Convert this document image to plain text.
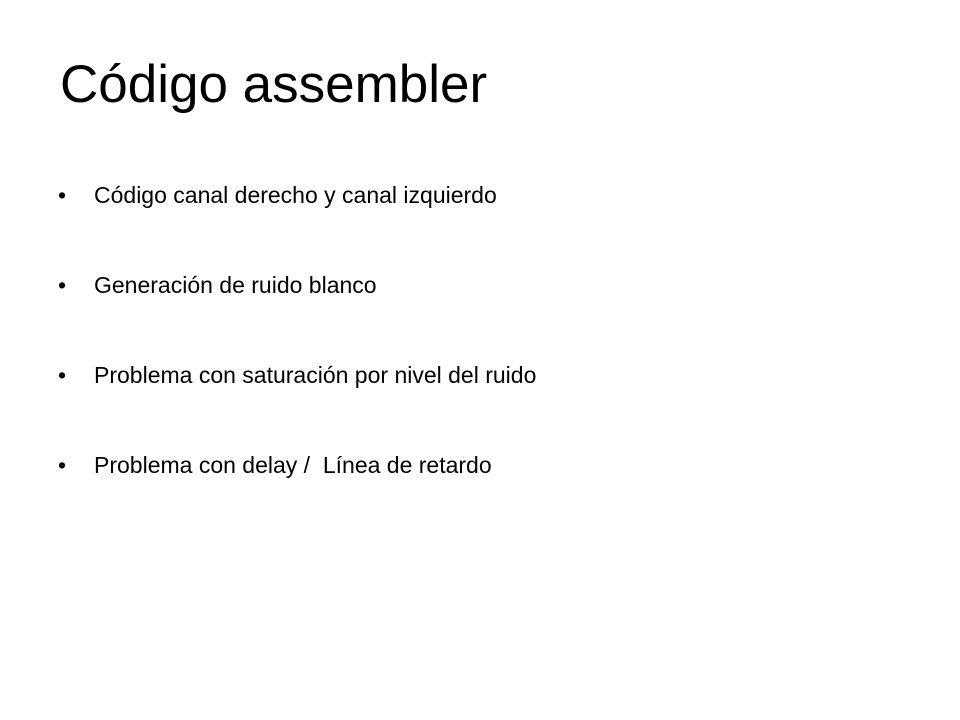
Código assembler
•	Código canal derecho y canal izquierdo
•	Generación de ruido blanco
•	Problema con saturación por nivel del ruido
•	Problema con delay /  Línea de retardo
